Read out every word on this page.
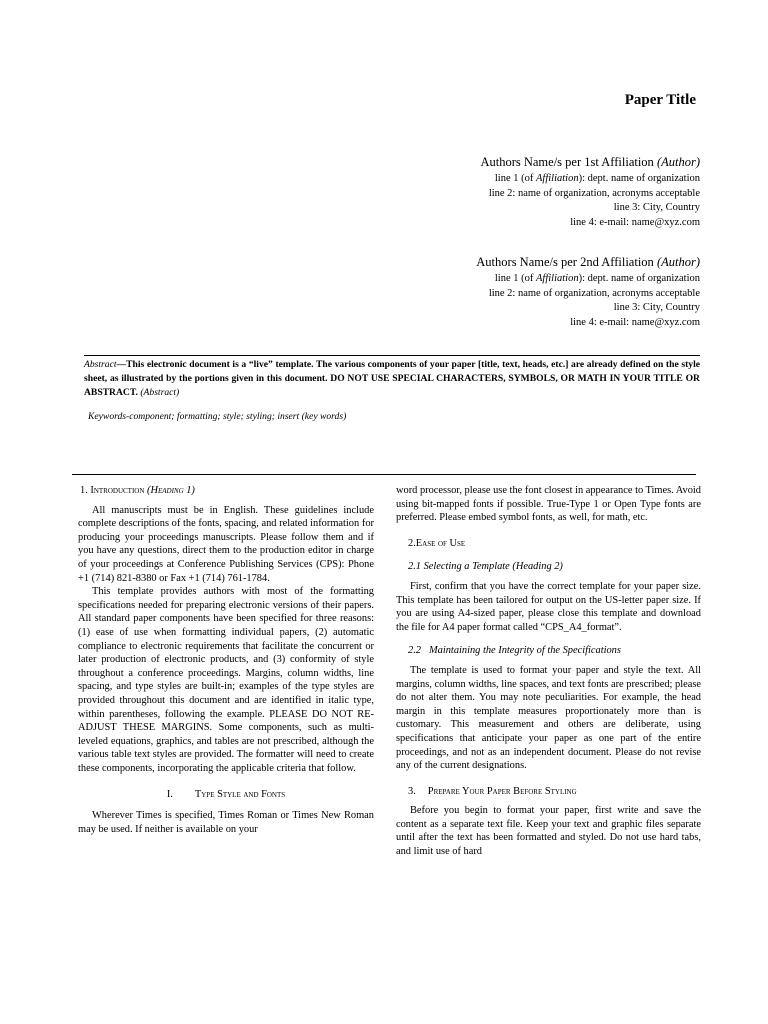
Paper Title
Authors Name/s per 1st Affiliation (Author)
line 1 (of Affiliation): dept. name of organization
line 2: name of organization, acronyms acceptable
line 3: City, Country
line 4: e-mail: name@xyz.com
Authors Name/s per 2nd Affiliation (Author)
line 1 (of Affiliation): dept. name of organization
line 2: name of organization, acronyms acceptable
line 3: City, Country
line 4: e-mail: name@xyz.com

Abstract—This electronic document is a “live” template. The various components of your paper [title, text, heads, etc.] are already defined on the style sheet, as illustrated by the portions given in this document. DO NOT USE SPECIAL CHARACTERS, SYMBOLS, OR MATH IN YOUR TITLE OR ABSTRACT. (Abstract)

Keywords-component; formatting; style; styling; insert (key words)

1. Introduction (Heading 1)

All manuscripts must be in English. These guidelines include complete descriptions of the fonts, spacing, and related information for producing your proceedings manuscripts. Please follow them and if you have any questions, direct them to the production editor in charge of your proceedings at Conference Publishing Services (CPS): Phone +1 (714) 821-8380 or Fax +1 (714) 761-1784.

This template provides authors with most of the formatting specifications needed for preparing electronic versions of their papers. All standard paper components have been specified for three reasons: (1) ease of use when formatting individual papers, (2) automatic compliance to electronic requirements that facilitate the concurrent or later production of electronic products, and (3) conformity of style throughout a conference proceedings. Margins, column widths, line spacing, and type styles are built-in; examples of the type styles are provided throughout this document and are identified in italic type, within parentheses, following the example. PLEASE DO NOT RE-ADJUST THESE MARGINS. Some components, such as multi-leveled equations, graphics, and tables are not prescribed, although the various table text styles are provided. The formatter will need to create these components, incorporating the applicable criteria that follow.

I. Type Style and Fonts

Wherever Times is specified, Times Roman or Times New Roman may be used. If neither is available on your

word processor, please use the font closest in appearance to Times. Avoid using bit-mapped fonts if possible. True-Type 1 or Open Type fonts are preferred. Please embed symbol fonts, as well, for math, etc.

2.Ease of Use
2.1 Selecting a Template (Heading 2)

First, confirm that you have the correct template for your paper size. This template has been tailored for output on the US-letter paper size. If you are using A4-sized paper, please close this template and download the file for A4 paper format called “CPS_A4_format”.

2.2 Maintaining the Integrity of the Specifications

The template is used to format your paper and style the text. All margins, column widths, line spaces, and text fonts are prescribed; please do not alter them. You may note peculiarities. For example, the head margin in this template measures proportionately more than is customary. This measurement and others are deliberate, using specifications that anticipate your paper as one part of the entire proceedings, and not as an independent document. Please do not revise any of the current designations.

3. Prepare Your Paper Before Styling

Before you begin to format your paper, first write and save the content as a separate text file. Keep your text and graphic files separate until after the text has been formatted and styled. Do not use hard tabs, and limit use of hard
